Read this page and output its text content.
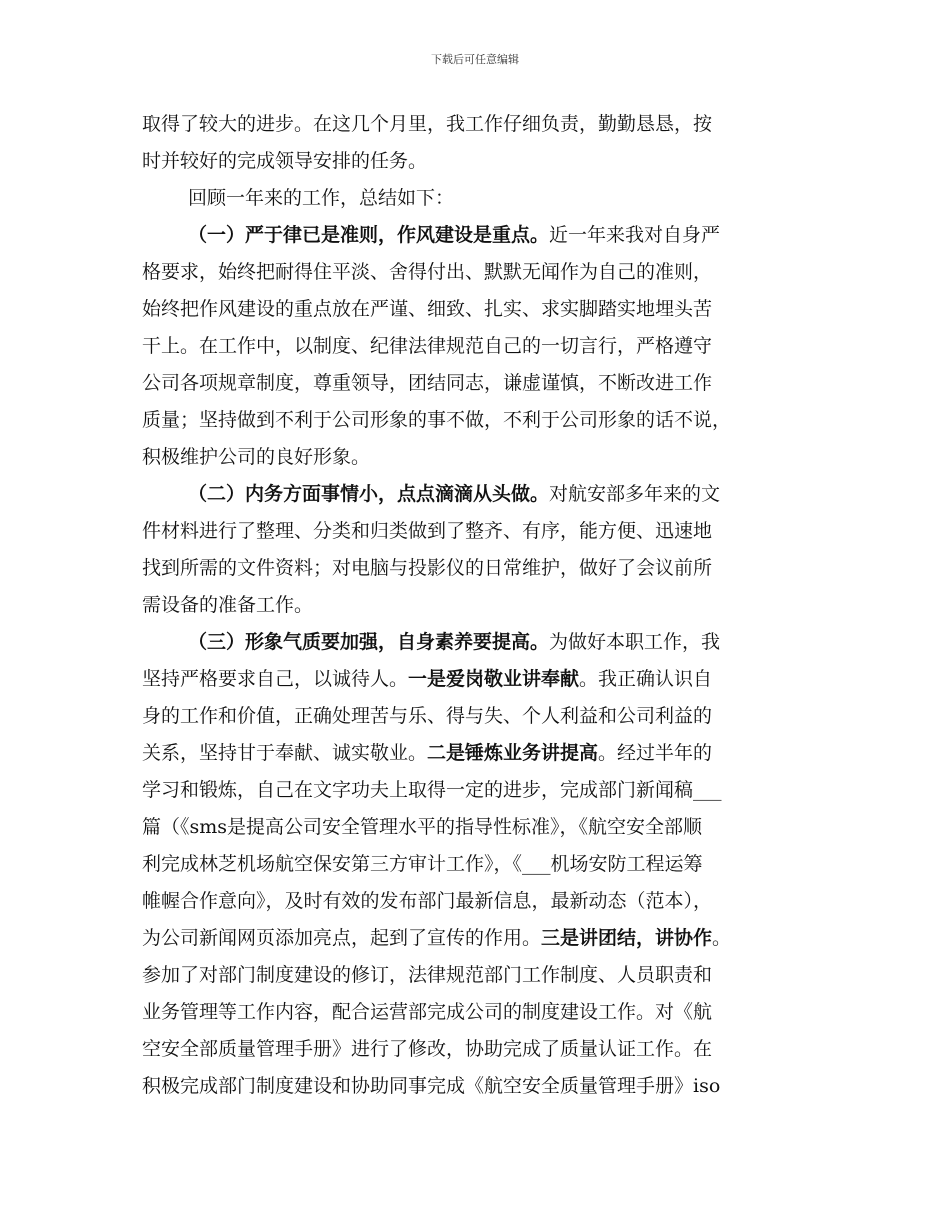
下载后可任意编辑
取得了较大的进步。在这几个月里，我工作仔细负责，勤勤恳恳，按
时并较好的完成领导安排的任务。
回顾一年来的工作，总结如下：
（一）严于律已是准则，作风建设是重点。近一年来我对自身严
格要求，始终把耐得住平淡、舍得付出、默默无闻作为自己的准则，
始终把作风建设的重点放在严谨、细致、扎实、求实脚踏实地埋头苦
干上。在工作中，以制度、纪律法律规范自己的一切言行，严格遵守
公司各项规章制度，尊重领导，团结同志，谦虚谨慎，不断改进工作
质量；坚持做到不利于公司形象的事不做，不利于公司形象的话不说，
积极维护公司的良好形象。
（二）内务方面事情小，点点滴滴从头做。对航安部多年来的文
件材料进行了整理、分类和归类做到了整齐、有序，能方便、迅速地
找到所需的文件资料；对电脑与投影仪的日常维护，做好了会议前所
需设备的准备工作。
（三）形象气质要加强，自身素养要提高。为做好本职工作，我
坚持严格要求自己，以诚待人。一是爱岗敬业讲奉献。我正确认识自
身的工作和价值，正确处理苦与乐、得与失、个人利益和公司利益的
关系，坚持甘于奉献、诚实敬业。二是锤炼业务讲提高。经过半年的
学习和锻炼，自己在文字功夫上取得一定的进步，完成部门新闻稿___
篇（《sms是提高公司安全管理水平的指导性标准》，《航空安全部顺
利完成林芝机场航空保安第三方审计工作》，《___机场安防工程运筹
帷幄合作意向》，及时有效的发布部门最新信息，最新动态（范本），
为公司新闻网页添加亮点，起到了宣传的作用。三是讲团结，讲协作。
参加了对部门制度建设的修订，法律规范部门工作制度、人员职责和
业务管理等工作内容，配合运营部完成公司的制度建设工作。对《航
空安全部质量管理手册》进行了修改，协助完成了质量认证工作。在
积极完成部门制度建设和协助同事完成《航空安全质量管理手册》iso
